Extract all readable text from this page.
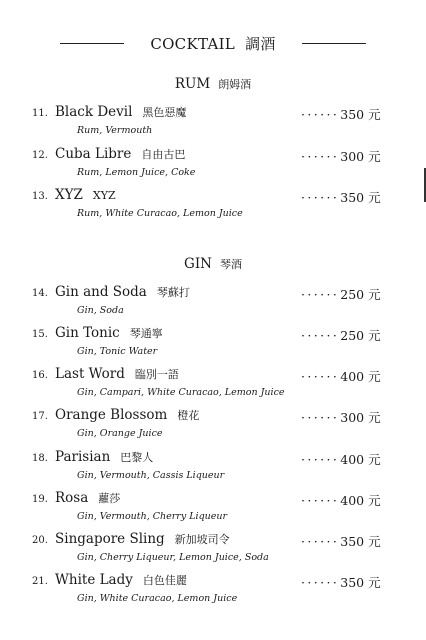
COCKTAIL 調酒
RUM 朗姆酒
11. Black Devil 黑色惡魔	······350 元
Rum, Vermouth
12. Cuba Libre 自由古巴	······300 元
Rum, Lemon Juice, Coke
13. XYZ XYZ	······350 元
Rum, White Curacao, Lemon Juice
GIN 琴酒
14. Gin and Soda 琴蘇打	······250 元
Gin, Soda
15. Gin Tonic 琴通寧	······250 元
Gin, Tonic Water
16. Last Word 臨別一語	······400 元
Gin, Campari, White Curacao, Lemon Juice
17. Orange Blossom 橙花	······300 元
Gin, Orange Juice
18. Parisian 巴黎人	······400 元
Gin, Vermouth, Cassis Liqueur
19. Rosa 蘿莎	······400 元
Gin, Vermouth, Cherry Liqueur
20. Singapore Sling 新加坡司令	······350 元
Gin, Cherry Liqueur, Lemon Juice, Soda
21. White Lady 白色佳麗	······350 元
Gin, White Curacao, Lemon Juice
